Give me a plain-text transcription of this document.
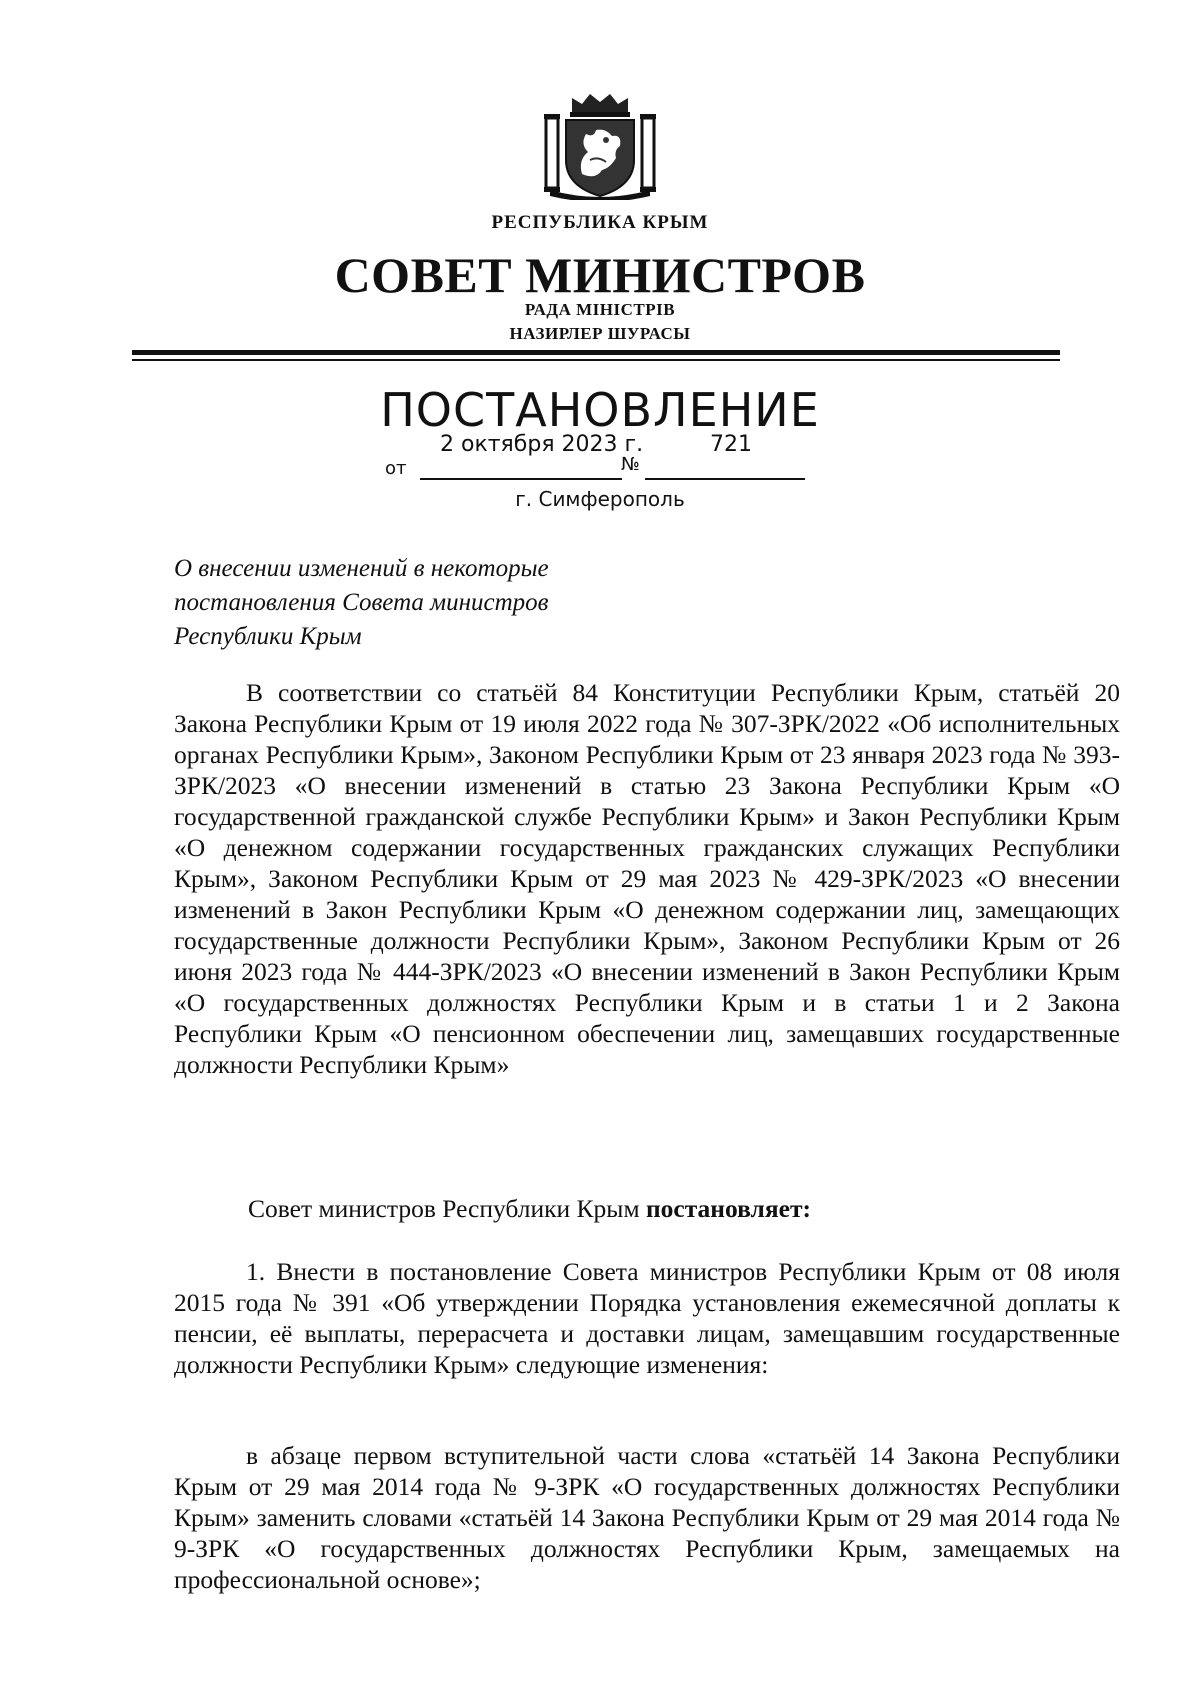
РЕСПУБЛИКА КРЫМ

СОВЕТ МИНИСТРОВ

РАДА МІНІСТРІВ

НАЗИРЛЕР ШУРАСЫ

ПОСТАНОВЛЕНИЕ

от
2 октября 2023 г.
№
721

г. Симферополь

О внесении изменений в некоторые
постановления Совета министров
Республики Крым

В соответствии со статьёй 84 Конституции Республики Крым, статьёй 20 Закона Республики Крым от 19 июля 2022 года № 307-ЗРК/2022 «Об исполнительных органах Республики Крым», Законом Республики Крым от 23 января 2023 года № 393-ЗРК/2023 «О внесении изменений в статью 23 Закона Республики Крым «О государственной гражданской службе Республики Крым» и Закон Республики Крым «О денежном содержании государственных гражданских служащих Республики Крым», Законом Республики Крым от 29 мая 2023 № 429-ЗРК/2023 «О внесении изменений в Закон Республики Крым «О денежном содержании лиц, замещающих государственные должности Республики Крым», Законом Республики Крым от 26 июня 2023 года № 444-ЗРК/2023 «О внесении изменений в Закон Республики Крым «О государственных должностях Республики Крым и в статьи 1 и 2 Закона Республики Крым «О пенсионном обеспечении лиц, замещавших государственные должности Республики Крым»

Совет министров Республики Крым постановляет:

1. Внести в постановление Совета министров Республики Крым от 08 июля 2015 года № 391 «Об утверждении Порядка установления ежемесячной доплаты к пенсии, её выплаты, перерасчета и доставки лицам, замещавшим государственные должности Республики Крым» следующие изменения:

в абзаце первом вступительной части слова «статьёй 14 Закона Республики Крым от 29 мая 2014 года № 9-ЗРК «О государственных должностях Республики Крым» заменить словами «статьёй 14 Закона Республики Крым от 29 мая 2014 года № 9-ЗРК «О государственных должностях Республики Крым, замещаемых на профессиональной основе»;
